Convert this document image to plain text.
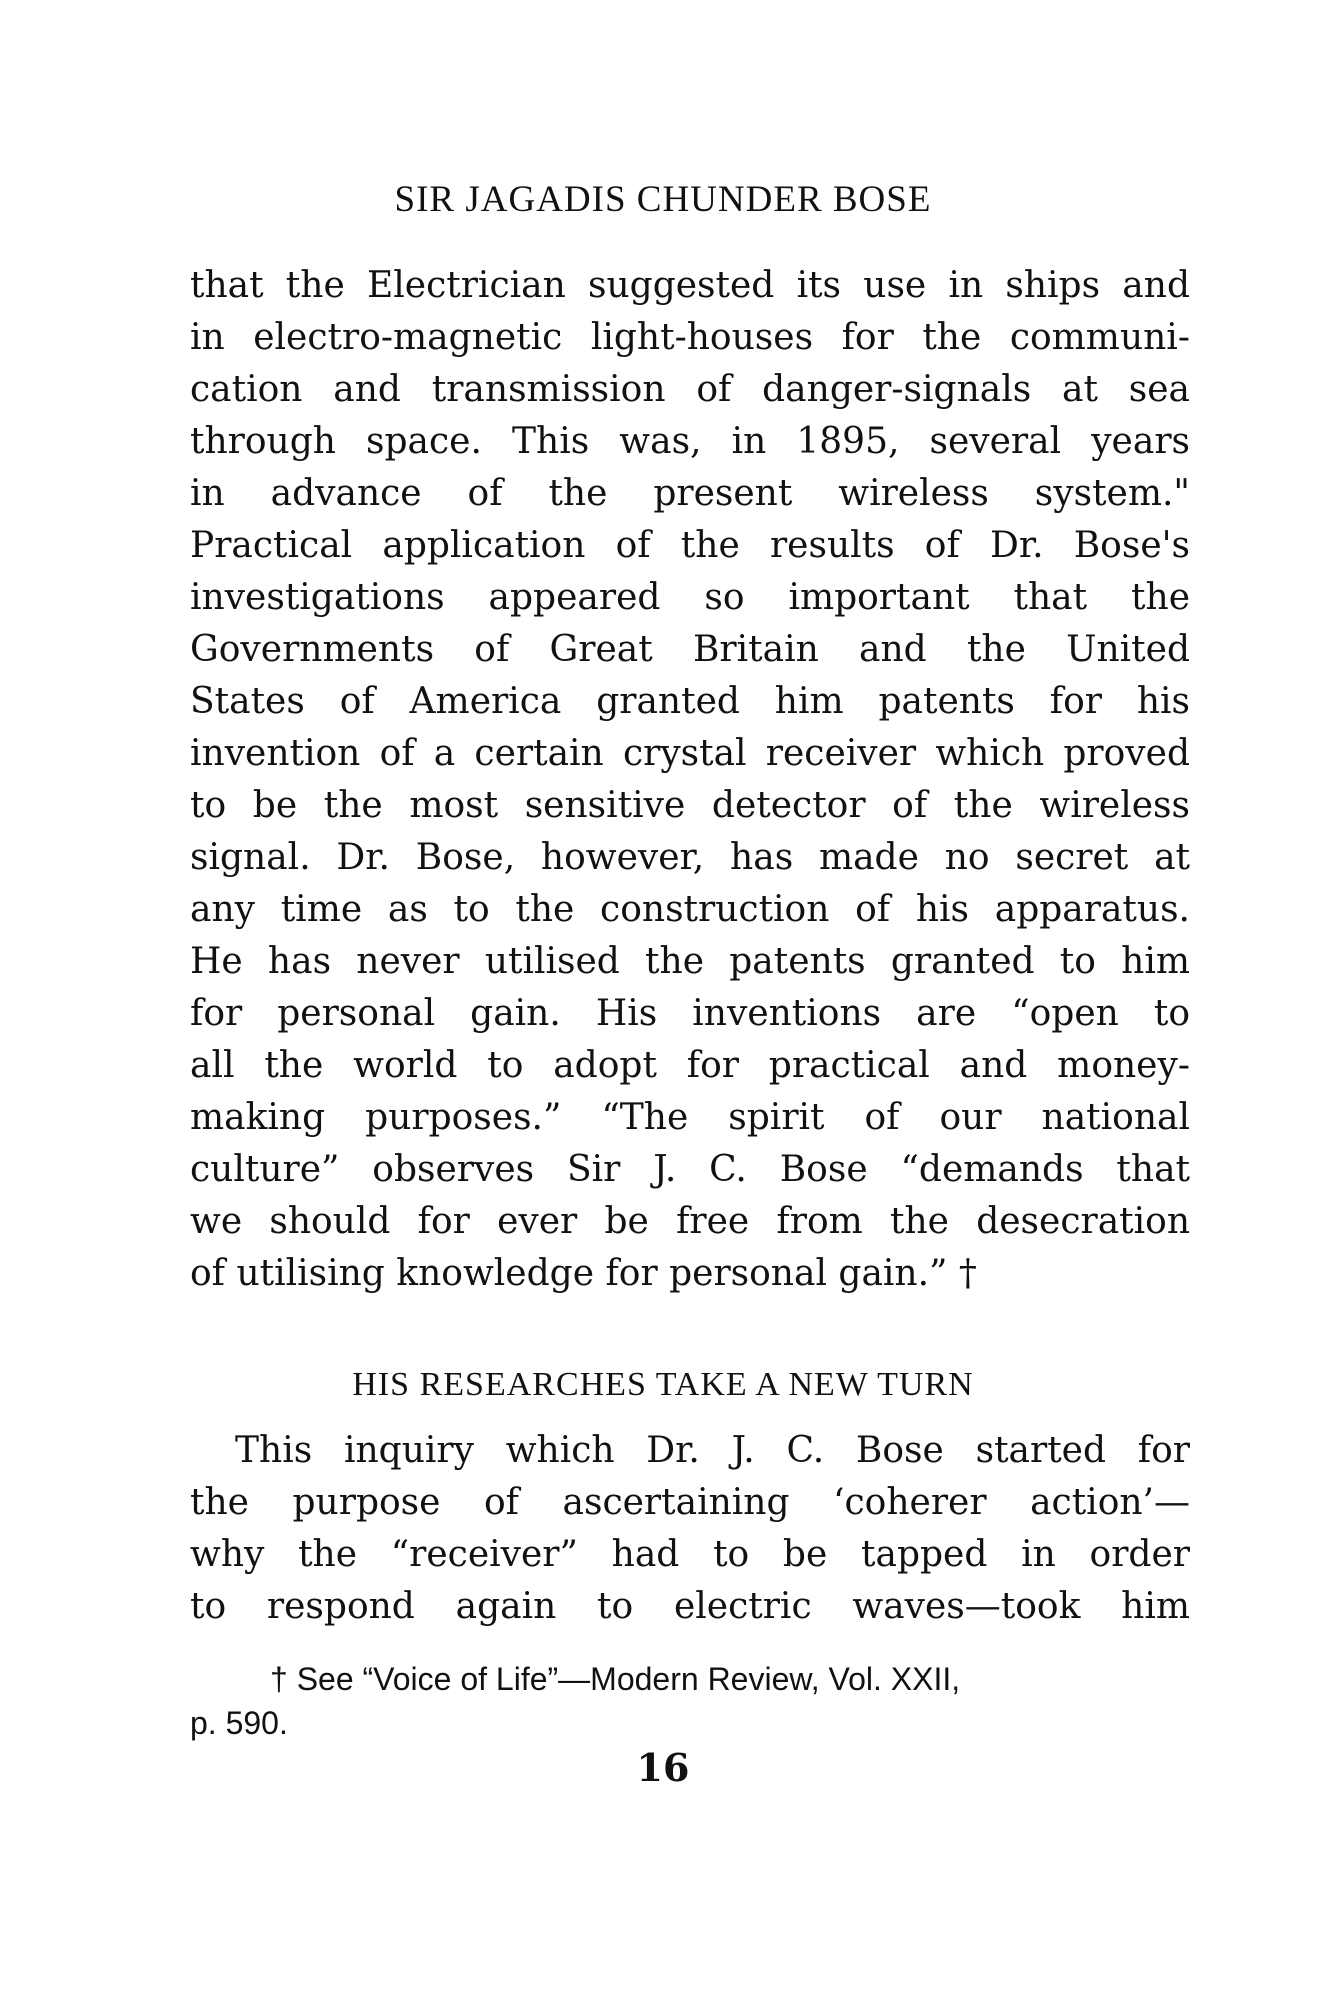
SIR JAGADIS CHUNDER BOSE
that the Electrician suggested its use in ships and
in electro-magnetic light-houses for the communi-
cation and transmission of danger-signals at sea
through space. This was, in 1895, several years
in advance of the present wireless system."
Practical application of the results of Dr. Bose's
investigations appeared so important that the
Governments of Great Britain and the United
States of America granted him patents for his
invention of a certain crystal receiver which proved
to be the most sensitive detector of the wireless
signal. Dr. Bose, however, has made no secret at
any time as to the construction of his apparatus.
He has never utilised the patents granted to him
for personal gain. His inventions are “open to
all the world to adopt for practical and money-
making purposes.” “The spirit of our national
culture” observes Sir J. C. Bose “demands that
we should for ever be free from the desecration
of utilising knowledge for personal gain.” †
HIS RESEARCHES TAKE A NEW TURN
This inquiry which Dr. J. C. Bose started for
the purpose of ascertaining ‘coherer action’—
why the “receiver” had to be tapped in order
to respond again to electric waves—took him
† See “Voice of Life”—Modern Review, Vol. XXII,
p. 590.
16
